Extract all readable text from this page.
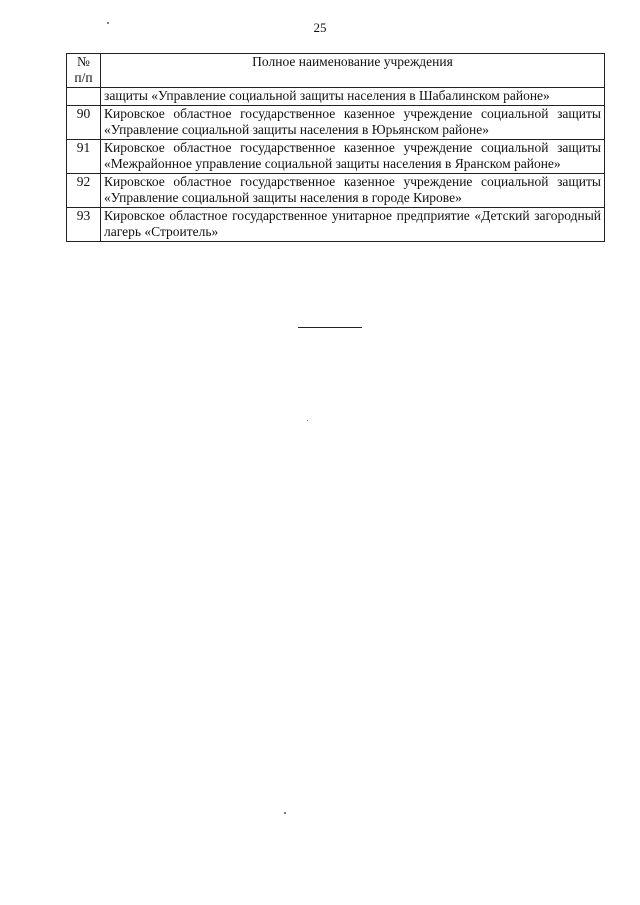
25
№ п/п	Полное наименование учреждения
	защиты «Управление социальной защиты населения в Шабалинском районе»
90	Кировское областное государственное казенное учреждение социальной защиты «Управление социальной защиты населения в Юрьянском районе»
91	Кировское областное государственное казенное учреждение социальной защиты «Межрайонное управление социальной защиты населения в Яранском районе»
92	Кировское областное государственное казенное учреждение социальной защиты «Управление социальной защиты населения в городе Кирове»
93	Кировское областное государственное унитарное предприятие «Детский загородный лагерь «Строитель»
